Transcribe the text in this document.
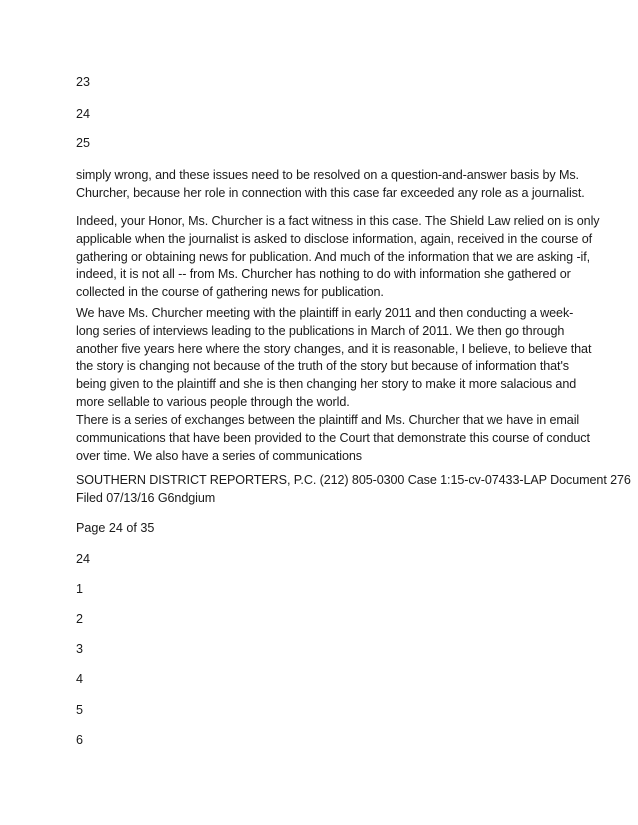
23
24
25
simply wrong, and these issues need to be resolved on a question-and-answer basis by Ms.
Churcher, because her role in connection with this case far exceeded any role as a journalist.
Indeed, your Honor, Ms. Churcher is a fact witness in this case. The Shield Law relied on is only
applicable when the journalist is asked to disclose information, again, received in the course of
gathering or obtaining news for publication. And much of the information that we are asking -if,
indeed, it is not all -- from Ms. Churcher has nothing to do with information she gathered or
collected in the course of gathering news for publication.
We have Ms. Churcher meeting with the plaintiff in early 2011 and then conducting a week-
long series of interviews leading to the publications in March of 2011. We then go through
another five years here where the story changes, and it is reasonable, I believe, to believe that
the story is changing not because of the truth of the story but because of information that's
being given to the plaintiff and she is then changing her story to make it more salacious and
more sellable to various people through the world.
There is a series of exchanges between the plaintiff and Ms. Churcher that we have in email
communications that have been provided to the Court that demonstrate this course of conduct
over time. We also have a series of communications
SOUTHERN DISTRICT REPORTERS, P.C. (212) 805-0300 Case 1:15-cv-07433-LAP Document 276
Filed 07/13/16 G6ndgium
Page 24 of 35
24
1
2
3
4
5
6
